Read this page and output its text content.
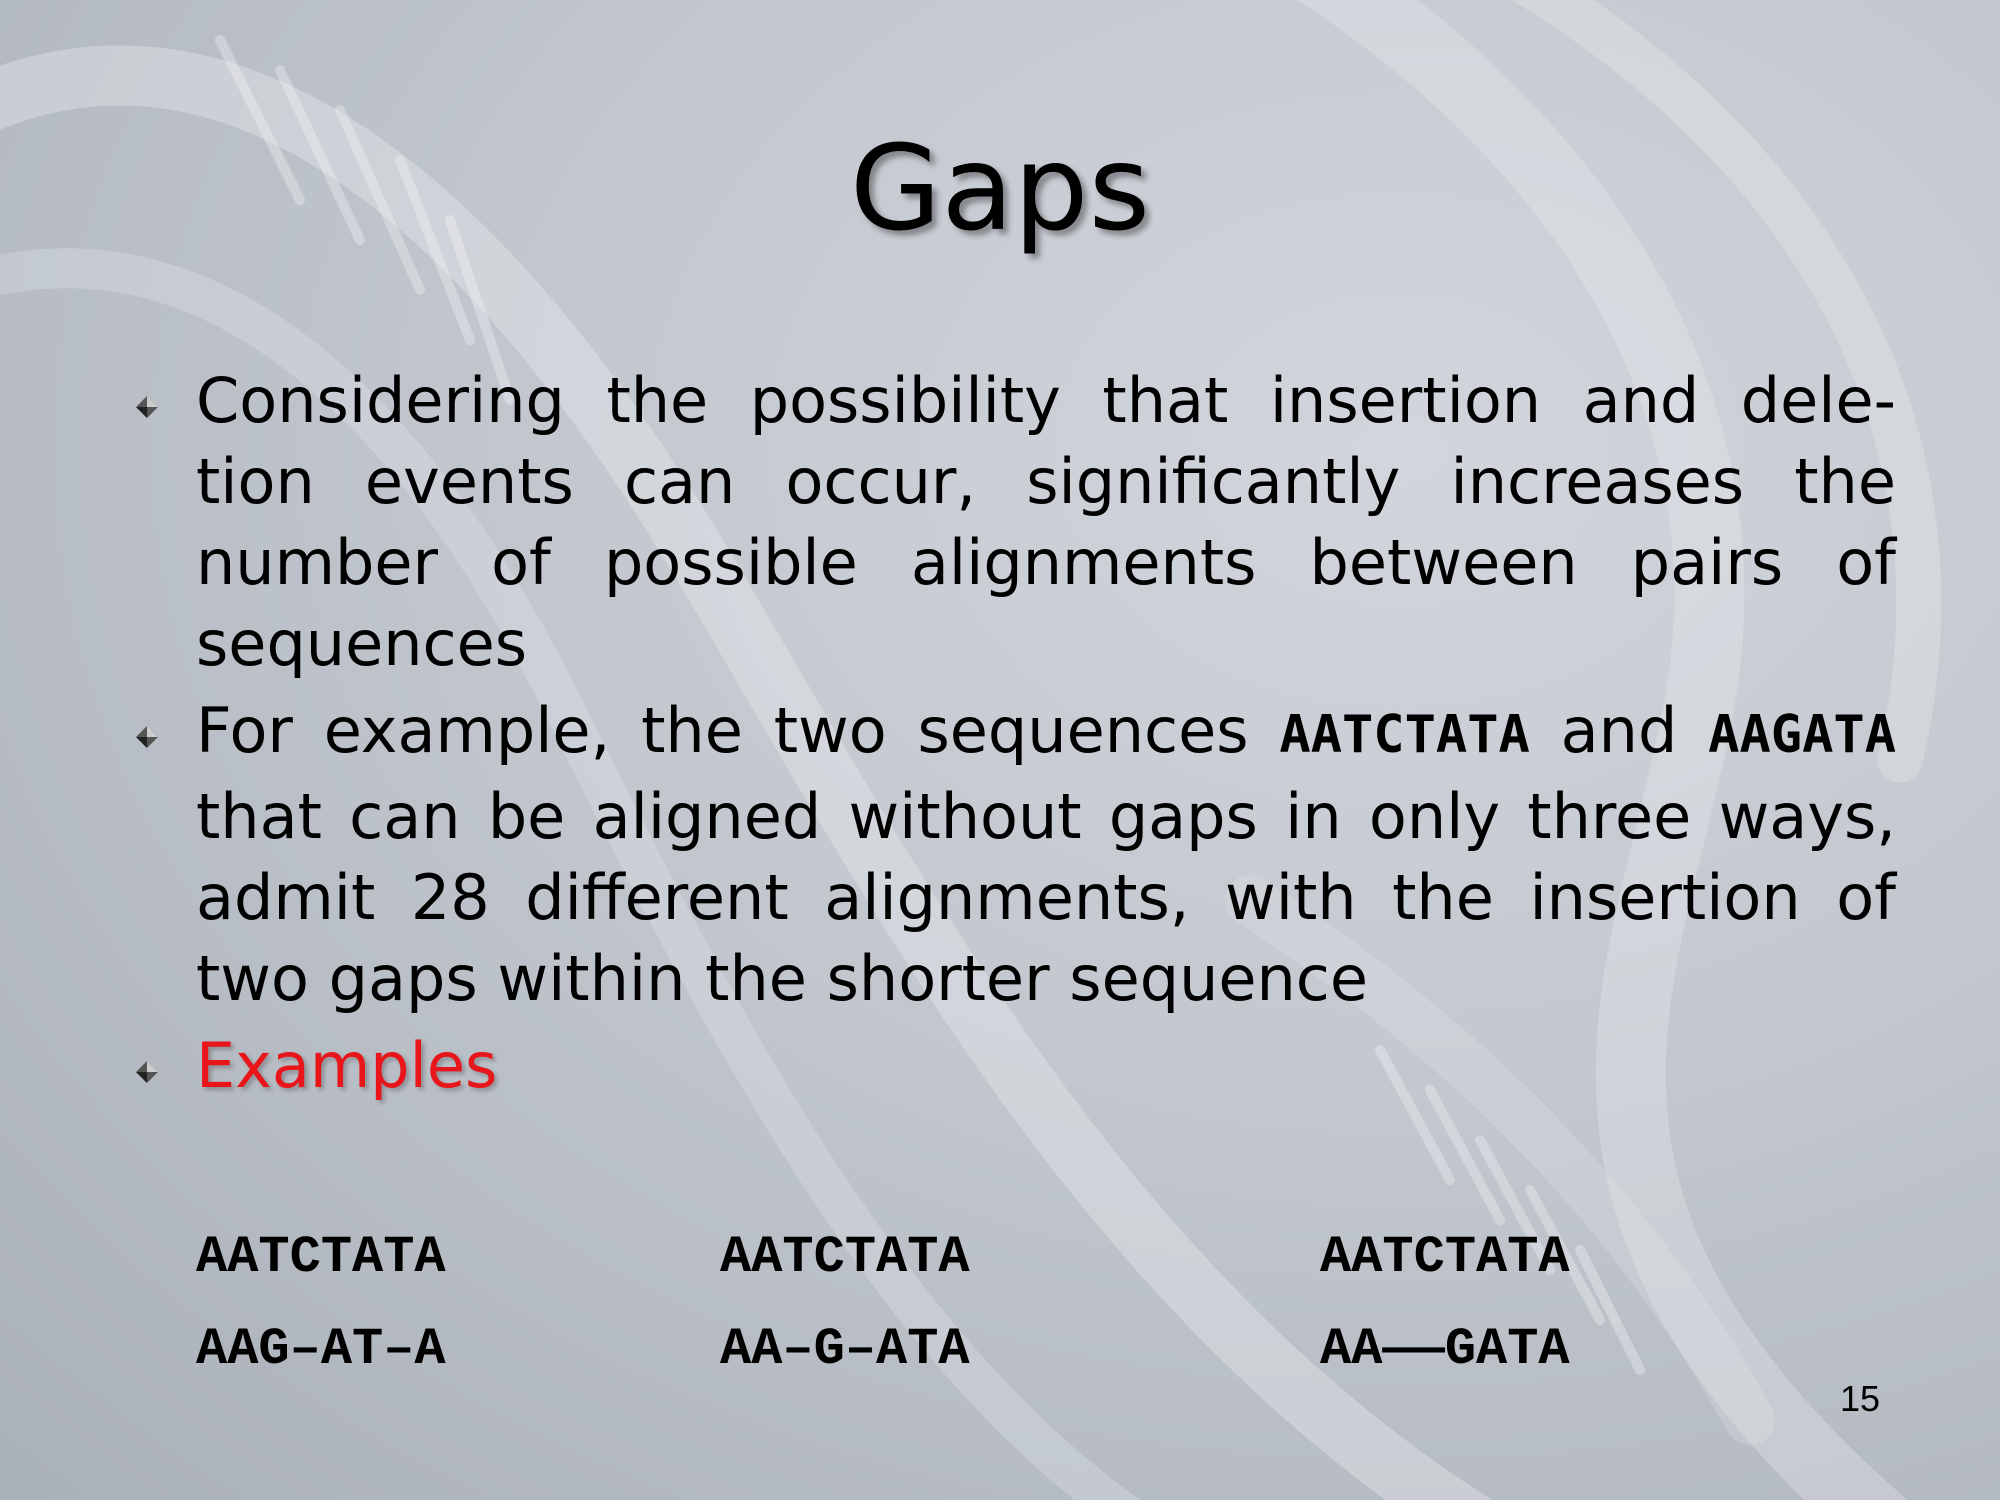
Gaps
Considering the possibility that insertion and dele- tion events can occur, significantly increases the number of possible alignments between pairs of sequences
For example, the two sequences AATCTATA and AAGATA that can be aligned without gaps in only three ways, admit 28 different alignments, with the insertion of two gaps within the shorter sequence
Examples
AATCTATA
AAG–AT–A
AATCTATA
AA–G–ATA
AATCTATA
AA——GATA
15
